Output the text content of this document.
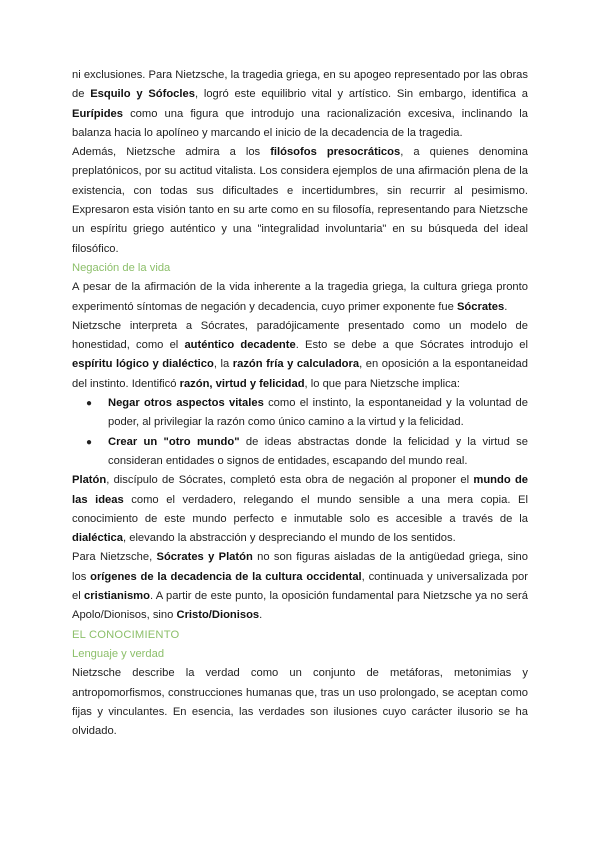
ni exclusiones. Para Nietzsche, la tragedia griega, en su apogeo representado por las obras de Esquilo y Sófocles, logró este equilibrio vital y artístico. Sin embargo, identifica a Eurípides como una figura que introdujo una racionalización excesiva, inclinando la balanza hacia lo apolíneo y marcando el inicio de la decadencia de la tragedia.

Además, Nietzsche admira a los filósofos presocráticos, a quienes denomina preplatónicos, por su actitud vitalista. Los considera ejemplos de una afirmación plena de la existencia, con todas sus dificultades e incertidumbres, sin recurrir al pesimismo. Expresaron esta visión tanto en su arte como en su filosofía, representando para Nietzsche un espíritu griego auténtico y una "integralidad involuntaria" en su búsqueda del ideal filosófico.

Negación de la vida

A pesar de la afirmación de la vida inherente a la tragedia griega, la cultura griega pronto experimentó síntomas de negación y decadencia, cuyo primer exponente fue Sócrates.

Nietzsche interpreta a Sócrates, paradójicamente presentado como un modelo de honestidad, como el auténtico decadente. Esto se debe a que Sócrates introdujo el espíritu lógico y dialéctico, la razón fría y calculadora, en oposición a la espontaneidad del instinto. Identificó razón, virtud y felicidad, lo que para Nietzsche implica:

● Negar otros aspectos vitales como el instinto, la espontaneidad y la voluntad de poder, al privilegiar la razón como único camino a la virtud y la felicidad.
● Crear un "otro mundo" de ideas abstractas donde la felicidad y la virtud se consideran entidades o signos de entidades, escapando del mundo real.

Platón, discípulo de Sócrates, completó esta obra de negación al proponer el mundo de las ideas como el verdadero, relegando el mundo sensible a una mera copia. El conocimiento de este mundo perfecto e inmutable solo es accesible a través de la dialéctica, elevando la abstracción y despreciando el mundo de los sentidos.

Para Nietzsche, Sócrates y Platón no son figuras aisladas de la antigüedad griega, sino los orígenes de la decadencia de la cultura occidental, continuada y universalizada por el cristianismo. A partir de este punto, la oposición fundamental para Nietzsche ya no será Apolo/Dionisos, sino Cristo/Dionisos.

EL CONOCIMIENTO
Lenguaje y verdad

Nietzsche describe la verdad como un conjunto de metáforas, metonimias y antropomorfismos, construcciones humanas que, tras un uso prolongado, se aceptan como fijas y vinculantes. En esencia, las verdades son ilusiones cuyo carácter ilusorio se ha olvidado.
